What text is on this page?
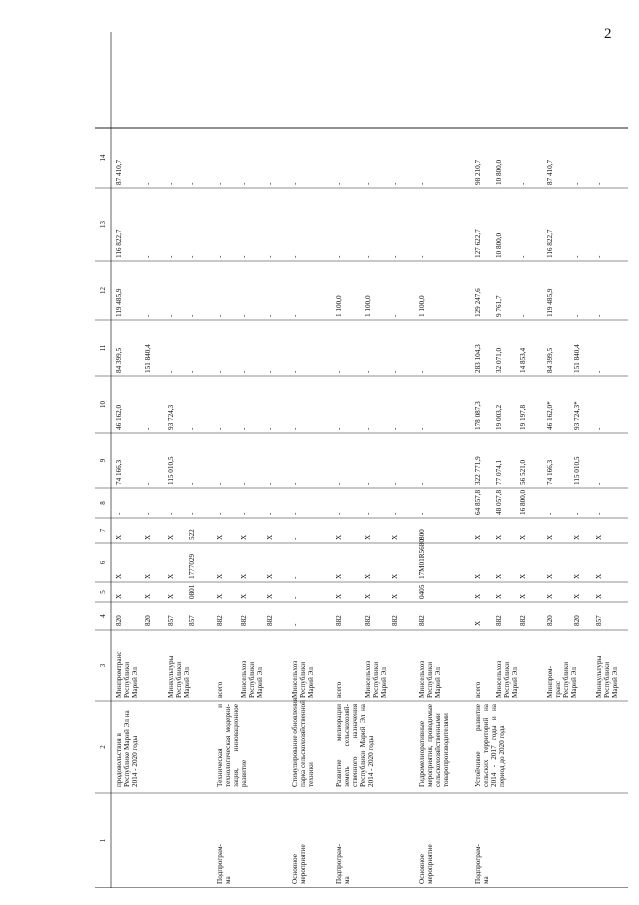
2
1
2
3
4
5
6
7
8
9
10
11
12
13
14
продовольствия в
Республике Марий Эл на
2014 - 2020 годы
Минпромтранс
Республики
Марий Эл
820
X
X
X
-
74 166,3
46 162,0
84 399,5
119 485,9
116 822,7
87 410,7
820
X
X
X
-
-
-
151 840,4
-
-
-
Минкультуры
Республики
Марий Эл
857
X
X
X
-
115 010,5
93 724,3
-
-
-
-
857
0801
1777029
522
-
-
-
-
-
-
-
Подпрограм-
ма
Техническая и технологическая модерни-зация, инновационное развитие
всего
882
X
X
X
-
-
-
-
-
-
-
Минсельхоз
Республики
Марий Эл
882
X
X
X
-
-
-
-
-
-
-
882
X
X
X
-
-
-
-
-
-
-
Основное
мероприятие
Стимулирование обновления
парка сельскохозяйственной
техники
Минсельхоз
Республики
Марий Эл
-
-
-
-
-
-
-
-
-
-
-
Подпрограм-
ма
Развитие мелиорации земель сельскохозяй-ственного назначения Республики Марий Эл на 2014 - 2020 годы
всего
882
X
X
X
-
-
-
-
1 100,0
-
-
Минсельхоз
Республики
Марий Эл
882
X
X
X
-
-
-
-
1 100,0
-
-
882
X
X
X
-
-
-
-
-
-
-
Основное
мероприятие
Гидромелиоративные мероприятия, проводимые сельскохозяйственными товаропроизводителями
Минсельхоз
Республики
Марий Эл
882
0405
17М01R5680
800
-
-
-
-
1 100,0
-
-
Подпрограм-
ма
Устойчивое развитие сельских территорий на 2014 - 2017 годы и на период до 2020 года
всего
X
X
X
X
64 857,8
322 771,9
178 087,3
283 104,3
129 247,6
127 622,7
98 210,7
Минсельхоз
Республики
Марий Эл
882
X
X
X
48 057,8
77 074,1
19 003,2
32 071,0
9 761,7
10 800,0
10 800,0
882
X
X
X
16 800,0
56 521,0
19 197,8
14 853,4
-
-
-
Минпром-
транс
Республики
Марий Эл
820
X
X
X
-
74 166,3
46 162,0*
84 399,5
119 485,9
116 822,7
87 410,7
820
X
X
X
-
115 010,5
93 724,3*
151 840,4
-
-
-
Минкультуры
Республики
Марий Эл
857
X
X
X
-
-
-
-
-
-
-
